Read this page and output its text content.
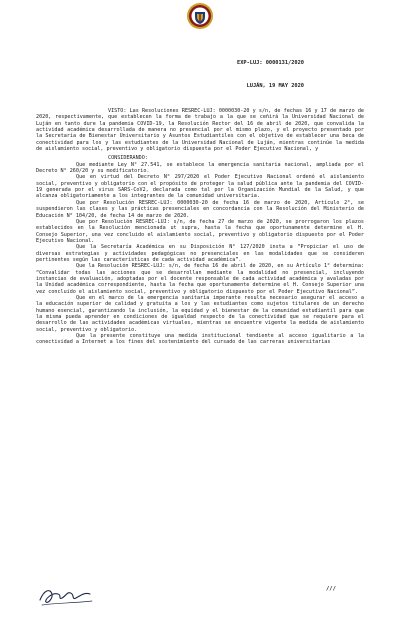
EXP-LUJ: 0000131/2020
LUJÁN, 19 MAY 2020

VISTO: Las Resoluciones RESREC-LUJ: 0000030-20 y s/n, de fechas 16 y 17 de marzo de 2020, respectivamente, que establecen la forma de trabajo a la que se ceñirá la Universidad Nacional de Luján en tanto dure la pandemia COVID-19, la Resolución Rector del 16 de abril de 2020, que convalida la actividad académica desarrollada de manera no presencial por el mismo plazo, y el proyecto presentado por la Secretaría de Bienestar Universitario y Asuntos Estudiantiles con el objetivo de establecer una beca de conectividad para los y las estudiantes de la Universidad Nacional de Luján, mientras continúe la medida de aislamiento social, preventivo y obligatorio dispuesta por el Poder Ejecutivo Nacional, y

CONSIDERANDO:

Que mediante Ley N° 27.541, se establece la emergencia sanitaria nacional, ampliada por el Decreto N° 260/20 y su modificatorio.

Que en virtud del Decreto N° 297/2020 el Poder Ejecutivo Nacional ordenó el aislamiento social, preventivo y obligatorio con el propósito de proteger la salud pública ante la pandemia del COVID-19 generada por el virus SARS-CoV2, declarada como tal por la Organización Mundial de la Salud, y que alcanza obligatoriamente a los integrantes de la comunidad universitaria.

Que por Resolución RESREC-LUJ: 0000030-20 de fecha 16 de marzo de 2020, Artículo 2°, se suspendieron las clases y las prácticas presenciales en concordancia con la Resolución del Ministerio de Educación N° 104/20, de fecha 14 de marzo de 2020.

Que por Resolución RESREC-LUJ: s/n, de fecha 27 de marzo de 2020, se prorrogaron los plazos establecidos en la Resolución mencionada ut supra, hasta la fecha que oportunamente determine el H. Consejo Superior, una vez concluido el aislamiento social, preventivo y obligatorio dispuesto por el Poder Ejecutivo Nacional.

Que la Secretaría Académica en su Disposición N° 127/2020 insta a “Propiciar el uso de diversas estrategias y actividades pedagógicas no presenciales en las modalidades que se consideren pertinentes según las características de cada actividad académica”.

Que la Resolución RESREC-LUJ: s/n, de fecha 16 de abril de 2020, en su Artículo 1° determina: “Convalidar todas las acciones que se desarrollan mediante la modalidad no presencial, incluyendo instancias de evaluación, adoptadas por el docente responsable de cada actividad académica y avaladas por la Unidad académica correspondiente, hasta la fecha que oportunamente determine el H. Consejo Superior una vez concluido el aislamiento social, preventivo y obligatorio dispuesto por el Poder Ejecutivo Nacional”.

Que en el marco de la emergencia sanitaria imperante resulta necesario asegurar el acceso a la educación superior de calidad y gratuita a los y las estudiantes como sujetos titulares de un derecho humano esencial, garantizando la inclusión, la equidad y el bienestar de la comunidad estudiantil para que la misma pueda aprender en condiciones de igualdad respecto de la conectividad que se requiere para el desarrollo de las actividades académicas virtuales, mientras se encuentre vigente la medida de aislamiento social, preventivo y obligatorio.

Que la presente constituye una medida institucional tendiente al acceso igualitario a la conectividad a Internet a los fines del sostenimiento del cursado de las carreras universitarias

///
